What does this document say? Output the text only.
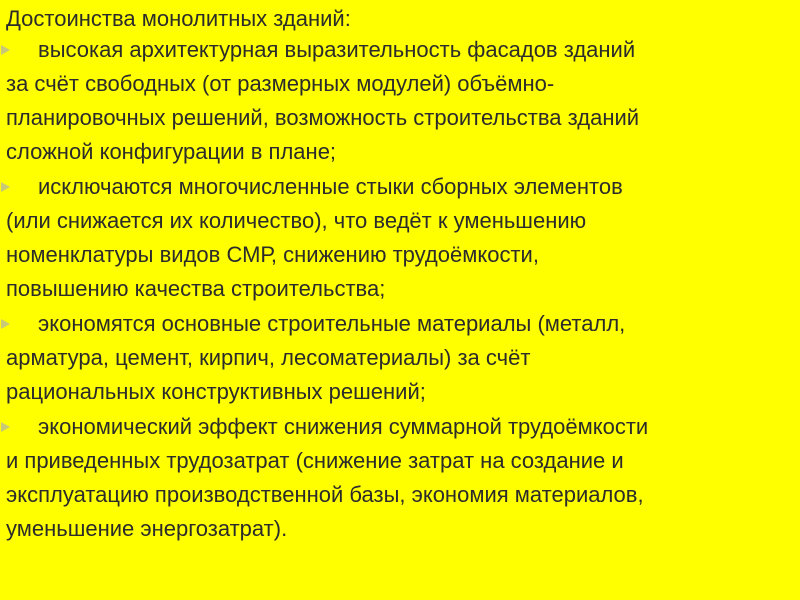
Достоинства монолитных зданий:
высокая архитектурная выразительность фасадов зданий
за счёт свободных (от размерных модулей) объёмно-
планировочных решений, возможность строительства зданий
сложной конфигурации в плане;
исключаются многочисленные стыки сборных элементов
(или снижается их количество), что ведёт к уменьшению
номенклатуры видов СМР, снижению трудоёмкости,
повышению качества строительства;
экономятся основные строительные материалы (металл,
арматура, цемент, кирпич, лесоматериалы) за счёт
рациональных конструктивных решений;
экономический эффект снижения суммарной трудоёмкости
и приведенных трудозатрат (снижение затрат на создание и
эксплуатацию производственной базы, экономия материалов,
уменьшение энергозатрат).
